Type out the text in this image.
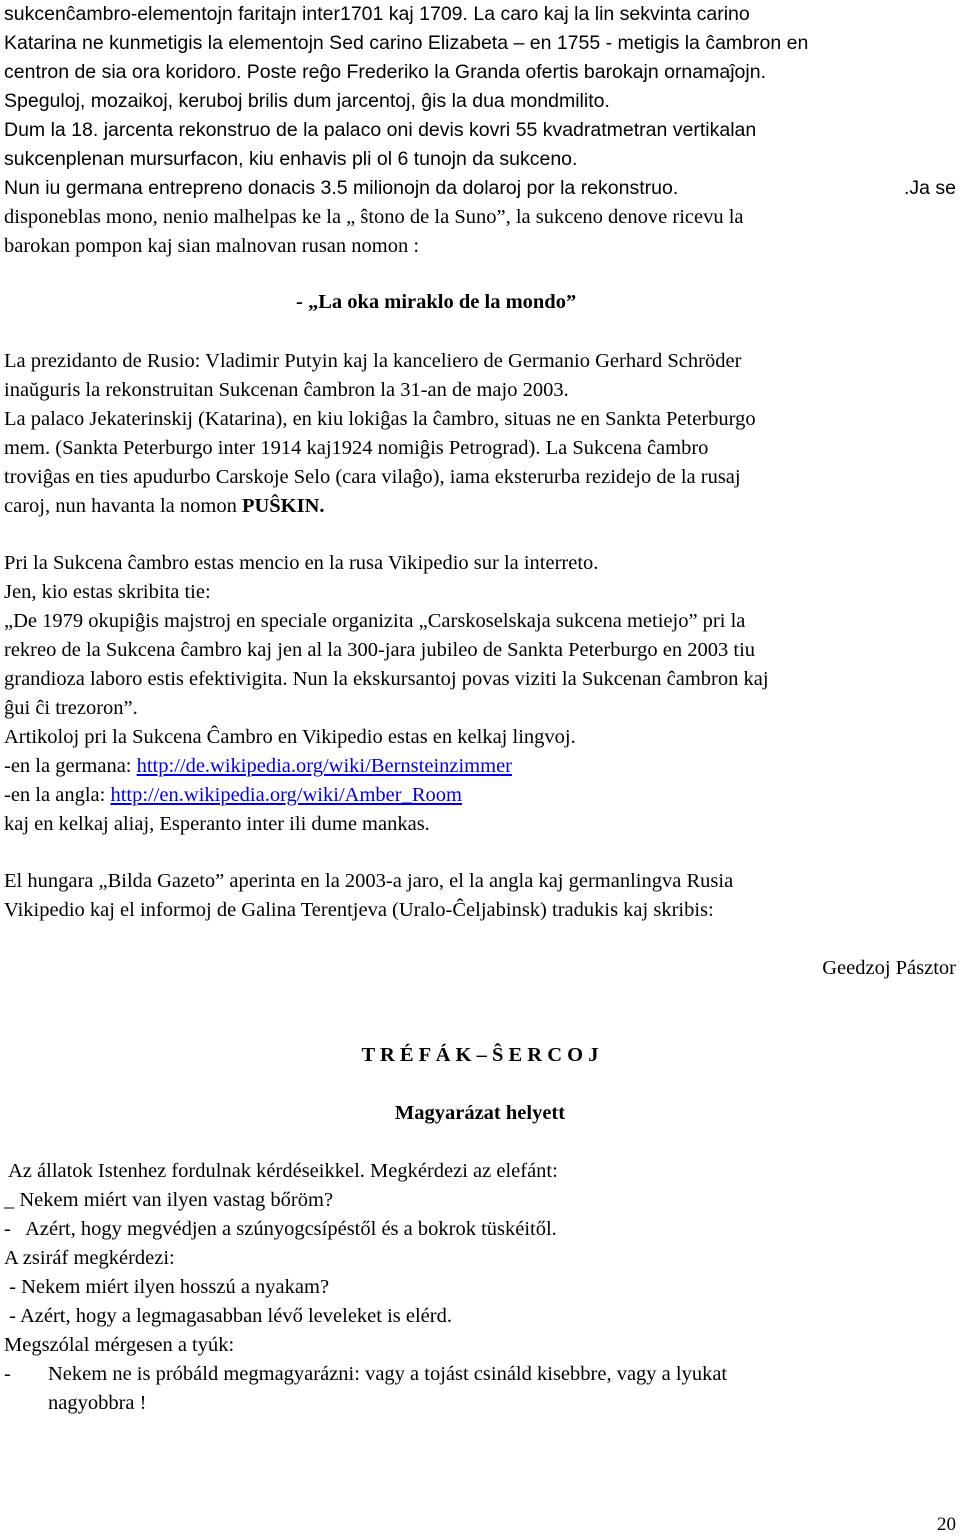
sukcenĉambro-elementojn faritajn inter1701 kaj 1709. La caro kaj la lin sekvinta carino

Katarina ne kunmetigis la elementojn Sed carino Elizabeta – en 1755 - metigis la ĉambron en

centron de sia ora koridoro. Poste reĝo Frederiko la Granda ofertis barokajn ornamaĵojn.

Speguloj, mozaikoj, keruboj brilis dum jarcentoj, ĝis la dua mondmilito.

Dum la 18. jarcenta rekonstruo de la palaco oni devis kovri 55 kvadratmetran vertikalan

sukcenplenan mursurfacon, kiu enhavis pli ol 6 tunojn da sukceno.

Nun iu germana entrepreno donacis 3.5 milionojn da dolaroj por la rekonstruo.	.Ja se

disponeblas mono, nenio malhelpas ke la „ ŝtono de la Suno”, la sukceno denove ricevu la

barokan pompon kaj sian malnovan rusan nomon :

- „La oka miraklo de la mondo”

La prezidanto de Rusio: Vladimir Putyin kaj la kanceliero de Germanio Gerhard Schröder

inaŭguris la rekonstruitan Sukcenan ĉambron la 31-an de majo 2003.

La palaco Jekaterinskij (Katarina), en kiu lokiĝas la ĉambro, situas ne en Sankta Peterburgo

mem. (Sankta Peterburgo inter 1914 kaj1924 nomiĝis Petrograd). La Sukcena ĉambro

troviĝas en ties apudurbo Carskoje Selo (cara vilaĝo), iama eksterurba rezidejo de la rusaj

caroj, nun havanta la nomon PUŜKIN.

Pri la Sukcena ĉambro estas mencio en la rusa Vikipedio sur la interreto.

Jen, kio estas skribita tie:

„De 1979 okupiĝis majstroj en speciale organizita „Carskoselskaja sukcena metiejo” pri la

rekreo de la Sukcena ĉambro kaj jen al la 300-jara jubileo de Sankta Peterburgo en 2003 tiu

grandioza laboro estis efektivigita. Nun la ekskursantoj povas viziti la Sukcenan ĉambron kaj

ĝui ĉi trezoron”.

Artikoloj pri la Sukcena Ĉambro en Vikipedio estas en kelkaj lingvoj.

-en la germana: http://de.wikipedia.org/wiki/Bernsteinzimmer

-en la angla: http://en.wikipedia.org/wiki/Amber_Room

kaj en kelkaj aliaj, Esperanto inter ili dume mankas.

El hungara „Bilda Gazeto” aperinta en la 2003-a jaro, el la angla kaj germanlingva Rusia

Vikipedio kaj el informoj de Galina Terentjeva (Uralo-Ĉeljabinsk) tradukis kaj skribis:

Geedzoj Pásztor
T R É F Á K – Ŝ E R C O J
Magyarázat helyett

Az állatok Istenhez fordulnak kérdéseikkel. Megkérdezi az elefánt:

_ Nekem miért van ilyen vastag bőröm?

-   Azért, hogy megvédjen a szúnyogcsípéstől és a bokrok tüskéitől.

A zsiráf megkérdezi:

- Nekem miért ilyen hosszú a nyakam?

- Azért, hogy a legmagasabban lévő leveleket is elérd.

Megszólal mérgesen a tyúk:

-	Nekem ne is próbáld megmagyarázni: vagy a tojást csináld kisebbre, vagy a lyukat

nagyobbra !

20
